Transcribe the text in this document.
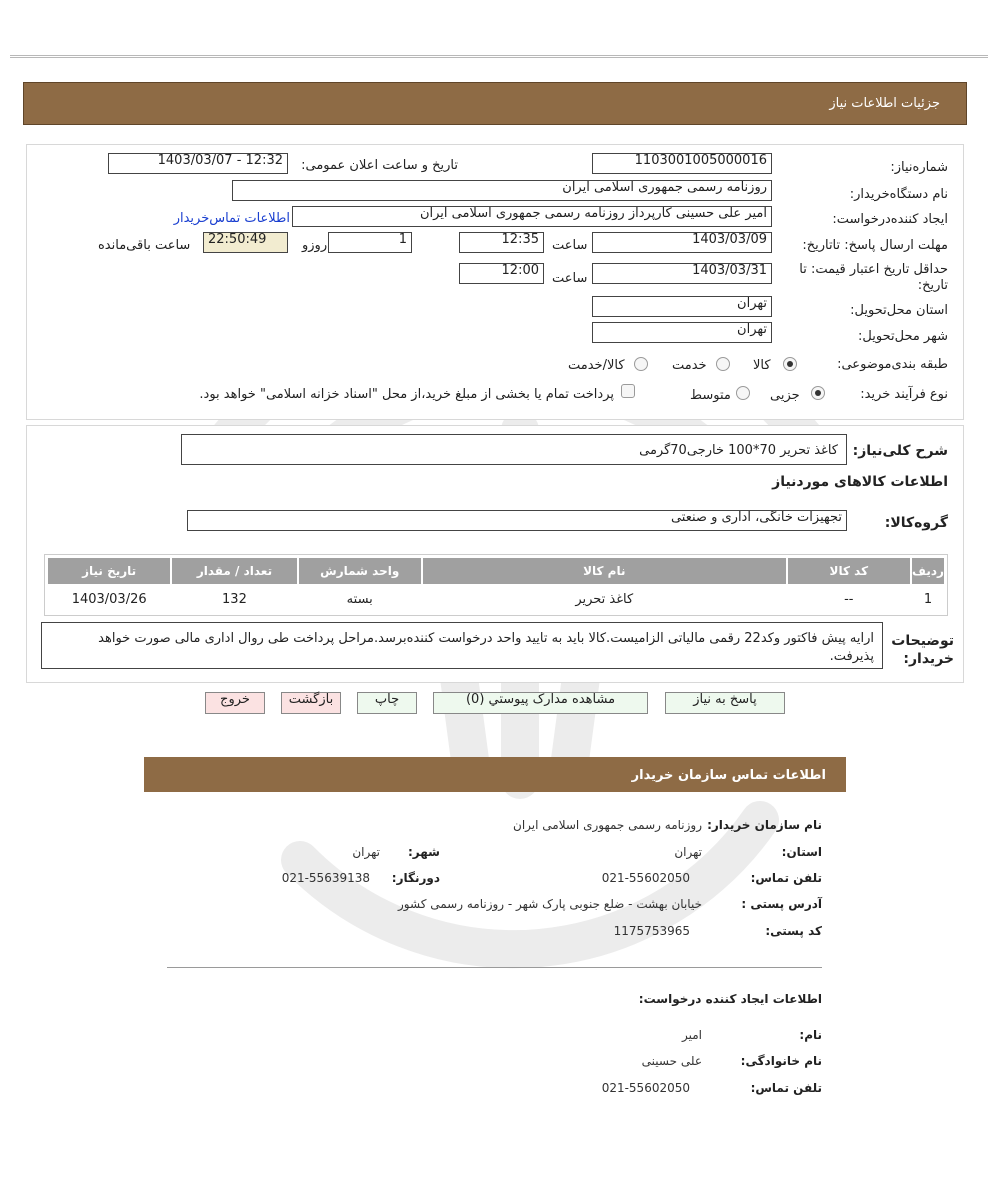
جزئیات اطلاعات نیاز
شماره‌نیاز:
1103001005000016
تاریخ و ساعت اعلان عمومی:
1403/03/07 - 12:32
نام دستگاه‌خریدار:
روزنامه رسمی جمهوری اسلامی ایران
ایجاد کننده‌درخواست:
امیر علی حسینی کارپرداز روزنامه رسمی جمهوری اسلامی ایران
اطلاعات تماس‌خریدار
مهلت ارسال پاسخ: تاتاریخ:
1403/03/09
ساعت
12:35
1
روزو
22:50:49
ساعت باقی‌مانده
حداقل تاریخ اعتبار قیمت: تا تاریخ:
1403/03/31
ساعت
12:00
استان محل‌تحویل:
تهران
شهر محل‌تحویل:
تهران
طبقه بندی‌موضوعی:
کالا
خدمت
کالا/خدمت
نوع فرآیند خرید:
جزیی
متوسط
پرداخت تمام یا بخشی از مبلغ خرید،از محل "اسناد خزانه اسلامی" خواهد بود.
شرح کلی‌نیاز:
کاغذ تحریر 70*100 خارجی70گرمی
اطلاعات کالاهای موردنیاز
گروه‌کالا:
تجهیزات خانگی، اداری و صنعتی
ردیف	کد کالا	نام کالا	واحد شمارش	تعداد / مقدار	تاریخ نیاز
1	--	کاغذ تحریر	بسته	132	1403/03/26
توضیحات خریدار:
ارایه پیش فاکتور وکد22 رقمی مالیاتی الزامیست.کالا باید به تایید واحد درخواست کننده‌برسد.مراحل پرداخت طی روال اداری مالی صورت خواهد پذیرفت.
پاسخ به نیاز
مشاهده مدارک پیوستي (0)
چاپ
بازگشت
خروج
اطلاعات تماس سازمان خریدار
نام سازمان خریدار:
روزنامه رسمی جمهوری اسلامی ایران
استان:
تهران
شهر:
تهران
تلفن تماس:
021-55602050
دورنگار:
021-55639138
آدرس پستی :
خیابان بهشت - ضلع جنوبی پارک شهر - روزنامه رسمی کشور
کد پستی:
1175753965
اطلاعات ایجاد کننده درخواست:
نام:
امیر
نام خانوادگی:
علی حسینی
تلفن تماس:
021-55602050
